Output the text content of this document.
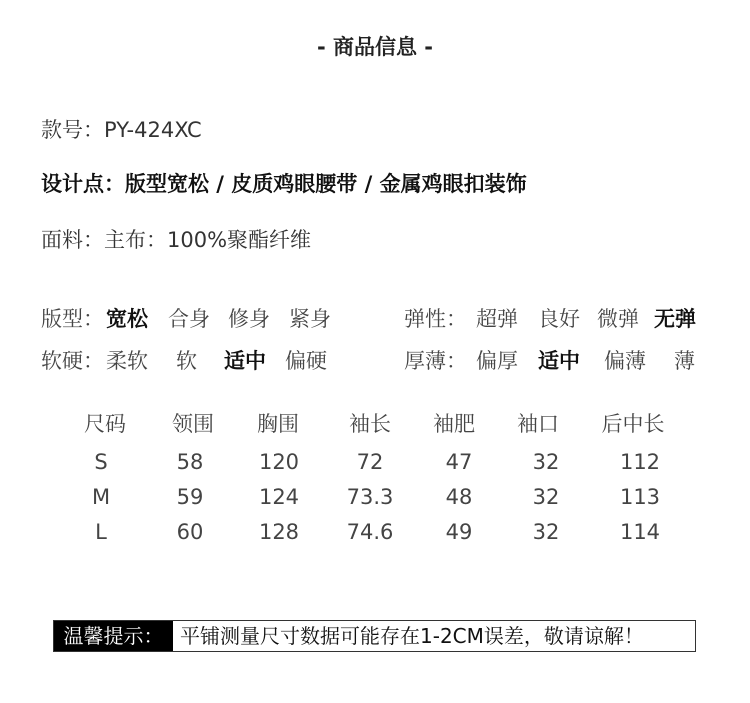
- 商品信息 -
款号：PY-424XC
设计点：版型宽松 / 皮质鸡眼腰带 / 金属鸡眼扣装饰
面料：主布：100%聚酯纤维
版型： 宽松 合身 修身 紧身	弹性： 超弹 良好 微弹 无弹
软硬： 柔软 软 适中 偏硬	厚薄： 偏厚 适中 偏薄 薄
尺码	领围	胸围	袖长	袖肥	袖口	后中长
S	58	120	72	47	32	112
M	59	124	73.3	48	32	113
L	60	128	74.6	49	32	114
温馨提示： 平铺测量尺寸数据可能存在1-2CM误差，敬请谅解！
